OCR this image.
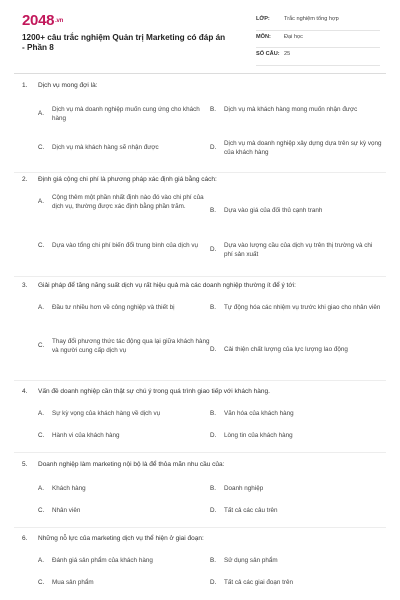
2048.vn
1200+ câu trắc nghiệm Quản trị Marketing có đáp án - Phần 8
LỚP:	Trắc nghiệm tổng hợp
MÔN:	Đại học
SỐ CÂU: 25
1.	Dịch vụ mong đợi là:
A.
Dịch vụ mà doanh nghiệp muốn cung ứng cho khách hàng
B.	Dịch vụ mà khách hàng mong muốn nhận được
C.	Dịch vụ mà khách hàng sẽ nhận được	D.
Dịch vụ mà doanh nghiệp xây dựng dựa trên sự kỳ vọng của khách hàng
2.	Định giá cộng chi phí là phương pháp xác định giá bằng cách:
A.
Cộng thêm một phần nhất định nào đó vào chi phí của dịch vụ, thường được xác định bằng phần trăm.
B.	Dựa vào giá của đối thủ cạnh tranh
C.	Dựa vào tổng chi phí biến đổi trung bình của dịch vụ
D.
Dựa vào lượng cầu của dịch vụ trên thị trường và chi phí sản xuất
3.	Giải pháp để tăng năng suất dịch vụ rất hiệu quả mà các doanh nghiệp thường ít để ý tới:
A.	Đầu tư nhiều hơn về công nghiệp và thiết bị	B.	Tự động hóa các nhiệm vụ trước khi giao cho nhân viên
C.
Thay đổi phương thức tác động qua lại giữa khách hàng và người cung cấp dịch vụ	D.	Cải thiện chất lượng của lực lượng lao động
4.	Vấn đề doanh nghiệp cần thật sự chú ý trong quá trình giao tiếp với khách hàng.
A.	Sự kỳ vọng của khách hàng về dịch vụ	B.	Văn hóa của khách hàng
C.	Hành vi của khách hàng	D.	Lòng tin của khách hàng
5.	Doanh nghiệp làm marketing nội bộ là để thỏa mãn nhu cầu của:
A.	Khách hàng	B.	Doanh nghiệp
C.	Nhân viên	D.	Tất cả các câu trên
6.	Những nỗ lực của marketing dịch vụ thể hiện ở giai đoạn:
A.	Đánh giá sản phẩm của khách hàng	B.	Sử dụng sản phẩm
C.	Mua sản phẩm	D.	Tất cả các giai đoạn trên
